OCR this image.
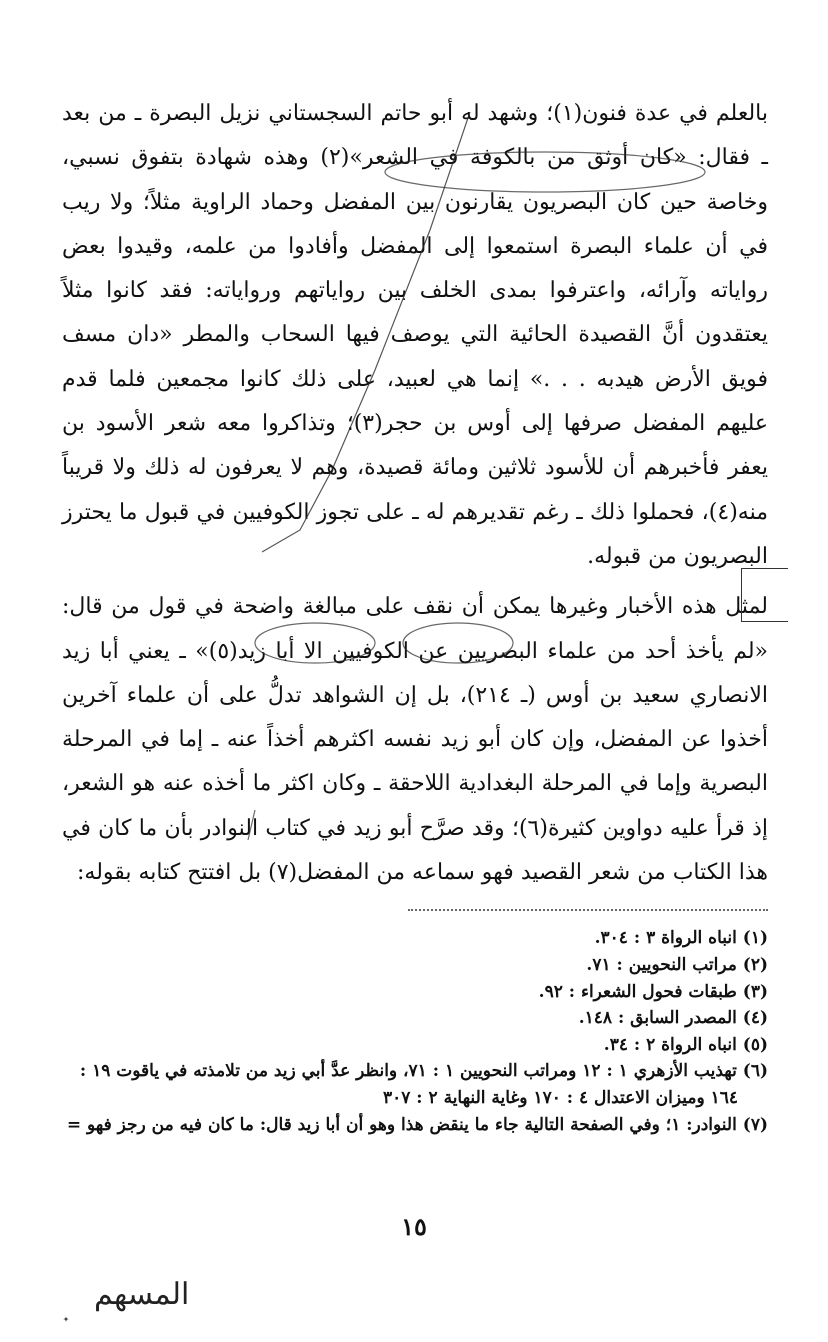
بالعلم في عدة فنون(١)؛ وشهد له أبو حاتم السجستاني نزيل البصرة ـ من بعد ـ فقال: «كان أوثق من بالكوفة في الشعر»(٢) وهذه شهادة بتفوق نسبي، وخاصة حين كان البصريون يقارنون بين المفضل وحماد الراوية مثلاً؛ ولا ريب في أن علماء البصرة استمعوا إلى المفضل وأفادوا من علمه، وقيدوا بعض رواياته وآرائه، واعترفوا بمدى الخلف بين رواياتهم ورواياته: فقد كانوا مثلاً يعتقدون أنَّ القصيدة الحائية التي يوصف فيها السحاب والمطر «دان مسف فويق الأرض هيدبه . . .» إنما هي لعبيد، على ذلك كانوا مجمعين فلما قدم عليهم المفضل صرفها إلى أوس بن حجر(٣)؛ وتذاكروا معه شعر الأسود بن يعفر فأخبرهم أن للأسود ثلاثين ومائة قصيدة، وهم لا يعرفون له ذلك ولا قريباً منه(٤)، فحملوا ذلك ـ رغم تقديرهم له ـ على تجوز الكوفيين في قبول ما يحترز البصريون من قبوله.

لمثل هذه الأخبار وغيرها يمكن أن نقف على مبالغة واضحة في قول من قال: «لم يأخذ أحد من علماء البصريين عن الكوفيين الا أبا زيد(٥)» ـ يعني أبا زيد الانصاري سعيد بن أوس (ـ ٢١٤)، بل إن الشواهد تدلُّ على أن علماء آخرين أخذوا عن المفضل، وإن كان أبو زيد نفسه اكثرهم أخذاً عنه ـ إما في المرحلة البصرية وإما في المرحلة البغدادية اللاحقة ـ وكان اكثر ما أخذه عنه هو الشعر، إذ قرأ عليه دواوين كثيرة(٦)؛ وقد صرَّح أبو زيد في كتاب النوادر بأن ما كان في هذا الكتاب من شعر القصيد فهو سماعه من المفضل(٧) بل افتتح كتابه بقوله:

(١) انباه الرواة ٣ : ٣٠٤.

(٢) مراتب النحويين : ٧١.

(٣) طبقات فحول الشعراء : ٩٢.

(٤) المصدر السابق : ١٤٨.

(٥) انباه الرواة ٢ : ٣٤.

(٦) تهذيب الأزهري ١ : ١٢ ومراتب النحويين ١ : ٧١، وانظر عدَّ أبي زيد من تلامذته في ياقوت ١٩ :

١٦٤ وميزان الاعتدال ٤ : ١٧٠ وغاية النهاية ٢ : ٣٠٧

(٧) النوادر: ١؛ وفي الصفحة التالية جاء ما ينقض هذا وهو أن أبا زيد قال: ما كان فيه من رجز فهو =

١٥
المسهم
✦
